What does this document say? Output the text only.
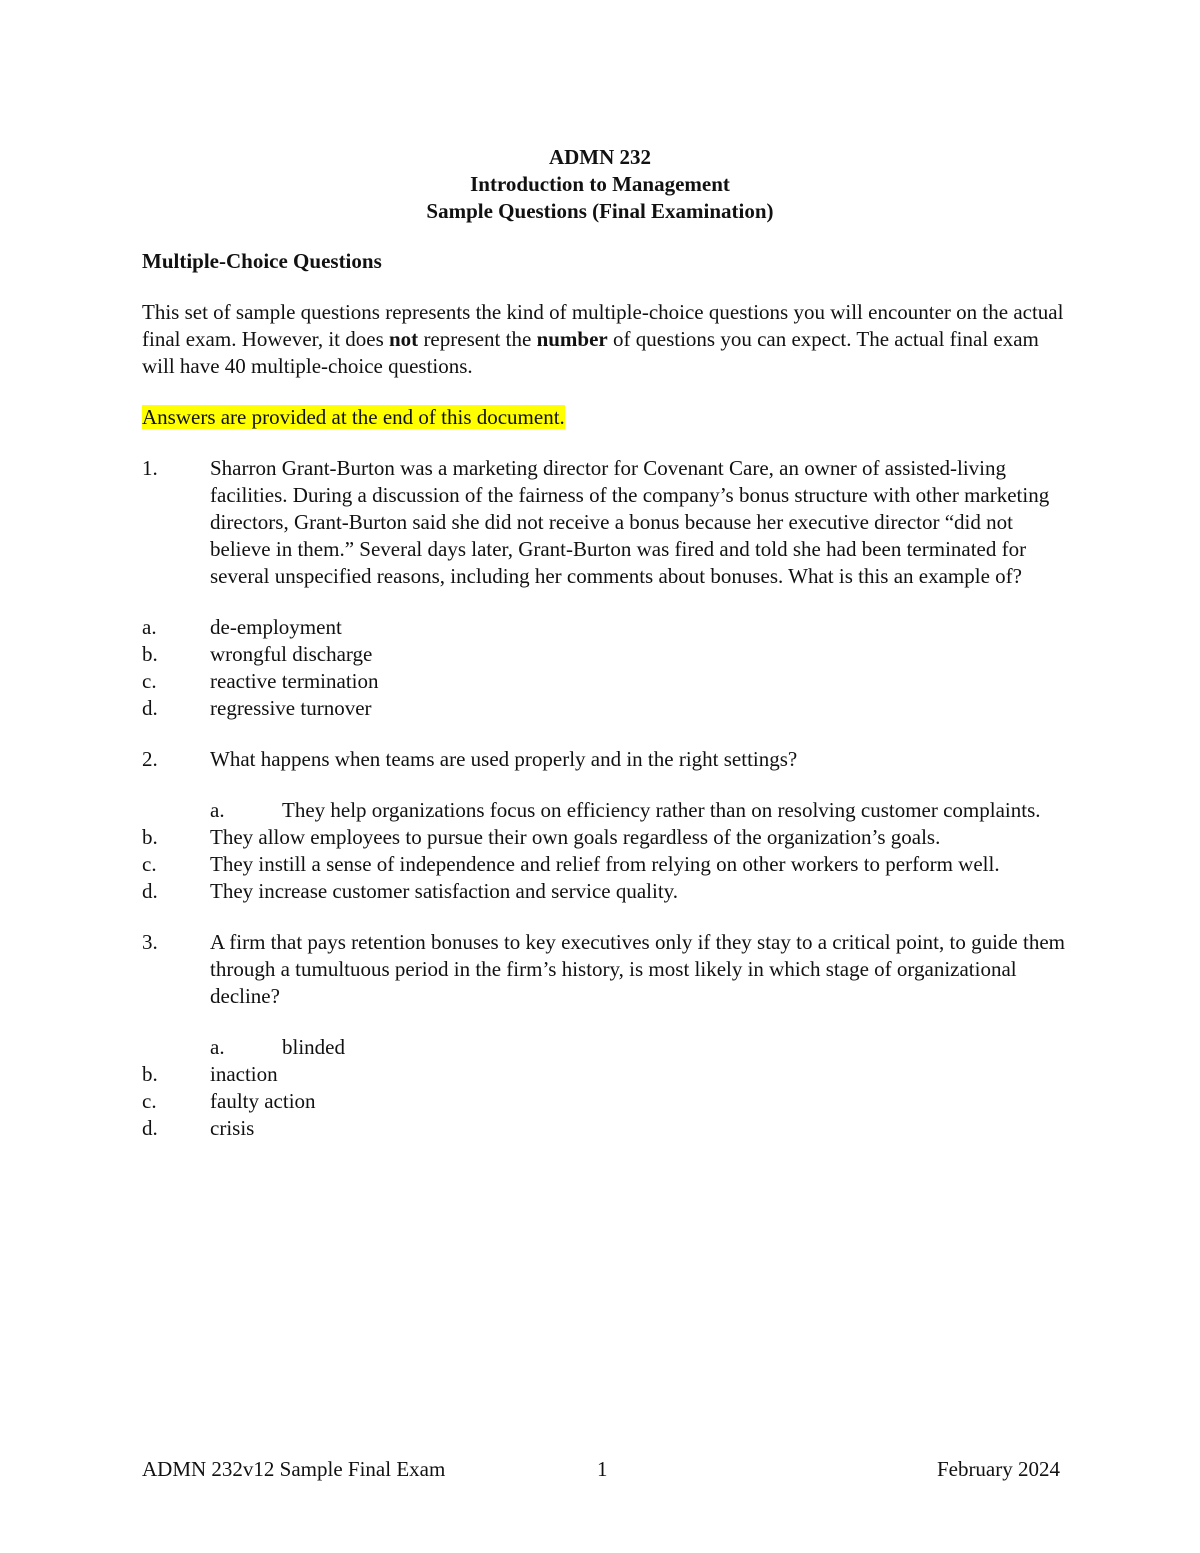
ADMN 232
Introduction to Management
Sample Questions (Final Examination)
Multiple-Choice Questions
This set of sample questions represents the kind of multiple-choice questions you will encounter on the actual final exam. However, it does not represent the number of questions you can expect. The actual final exam will have 40 multiple-choice questions.
Answers are provided at the end of this document.
1.	Sharron Grant-Burton was a marketing director for Covenant Care, an owner of assisted-living facilities. During a discussion of the fairness of the company’s bonus structure with other marketing directors, Grant-Burton said she did not receive a bonus because her executive director “did not believe in them.” Several days later, Grant-Burton was fired and told she had been terminated for several unspecified reasons, including her comments about bonuses. What is this an example of?
a.	de-employment
b.	wrongful discharge
c.	reactive termination
d.	regressive turnover
2.	What happens when teams are used properly and in the right settings?
a.	They help organizations focus on efficiency rather than on resolving customer complaints.
b.	They allow employees to pursue their own goals regardless of the organization’s goals.
c.	They instill a sense of independence and relief from relying on other workers to perform well.
d.	They increase customer satisfaction and service quality.
3.	A firm that pays retention bonuses to key executives only if they stay to a critical point, to guide them through a tumultuous period in the firm’s history, is most likely in which stage of organizational decline?
a.	blinded
b.	inaction
c.	faulty action
d.	crisis
ADMN 232v12 Sample Final Exam	1	February 2024
